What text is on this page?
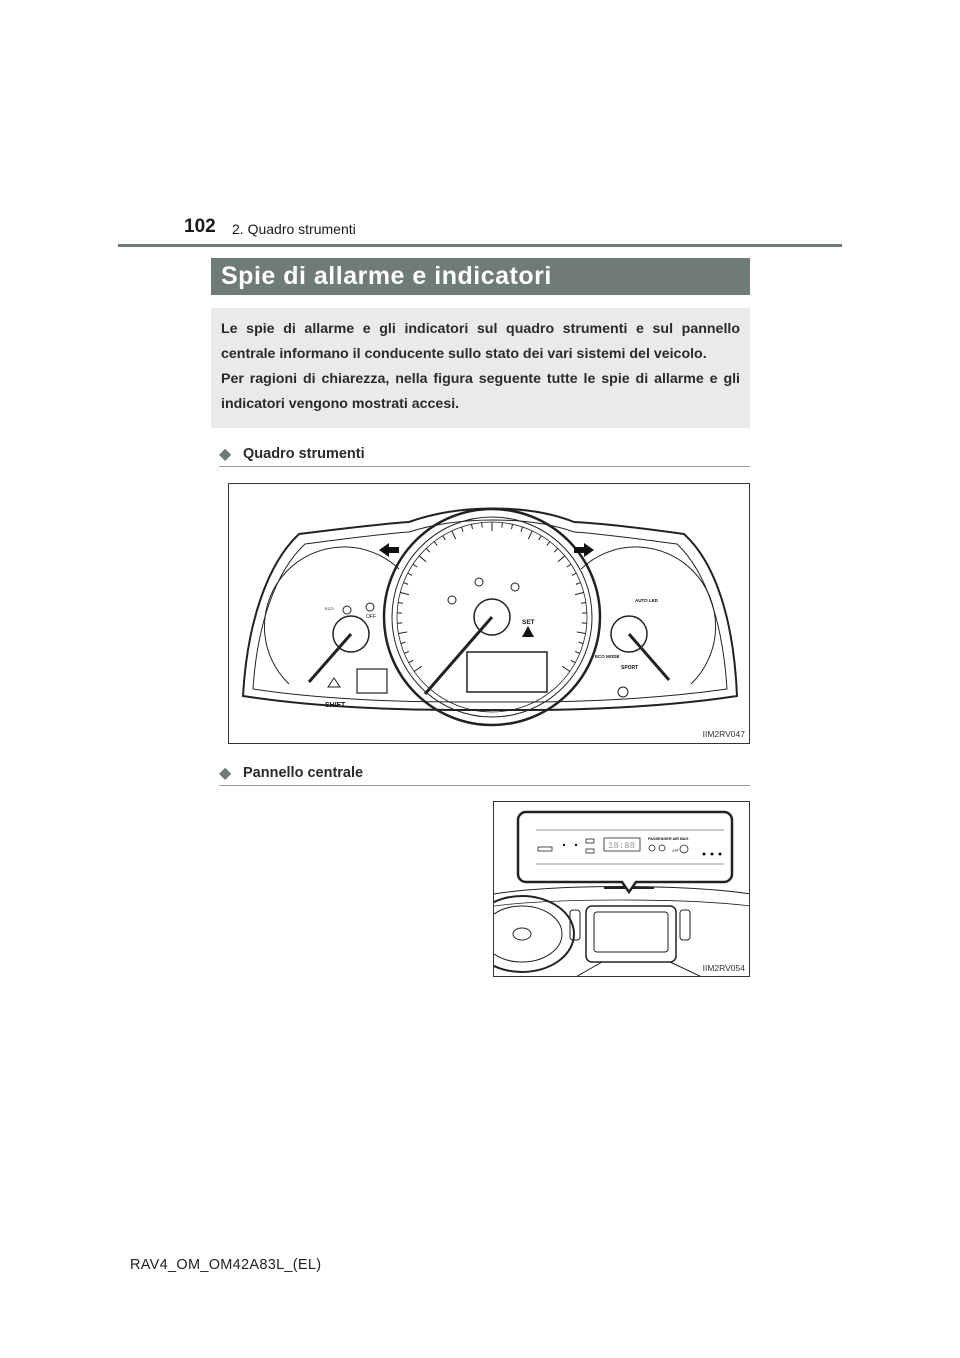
102 2. Quadro strumenti
Spie di allarme e indicatori

Le spie di allarme e gli indicatori sul quadro strumenti e sul pannello centrale informano il conducente sullo stato dei vari sistemi del veicolo.

Per ragioni di chiarezza, nella figura seguente tutte le spie di allarme e gli indicatori vengono mostrati accesi.

◆ Quadro strumenti
SHIFT
SET
OFF
ECO MODE
SPORT
AUTO LED
ECO
IIM2RV047
◆ Pannello centrale
18:88
PASSENGER AIR BAG
OFF
IIM2RV054
RAV4_OM_OM42A83L_(EL)
